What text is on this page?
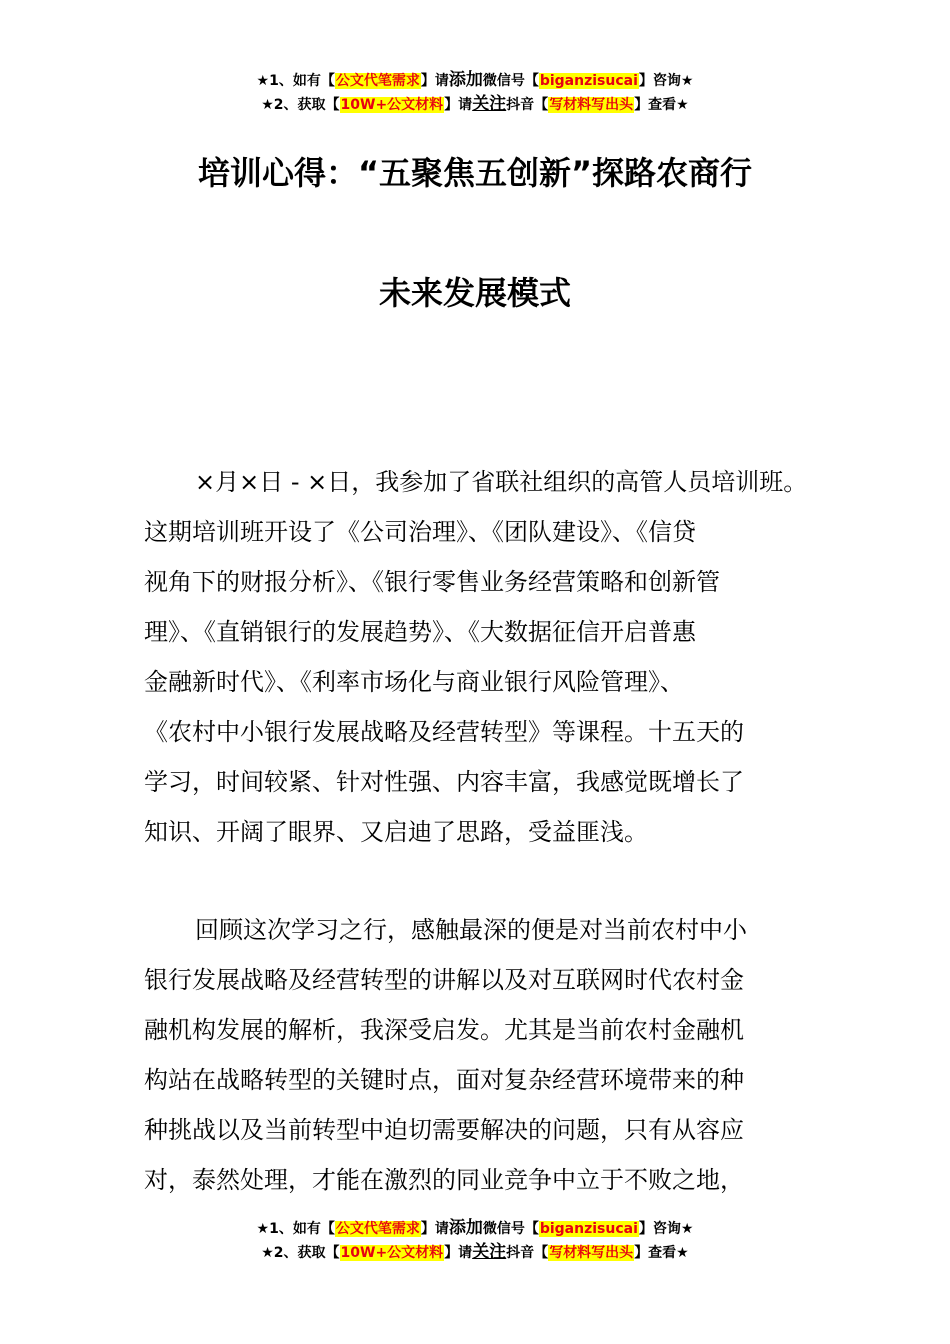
★1、如有【公文代笔需求】请添加微信号【biganzisucai】咨询★
★2、获取【10W+公文材料】请关注抖音【写材料写出头】查看★
培训心得：“五聚焦五创新”探路农商行
未来发展模式
×月×日 - ×日，我参加了省联社组织的高管人员培训班。
这期培训班开设了《公司治理》、《团队建设》、《信贷
视角下的财报分析》、《银行零售业务经营策略和创新管
理》、《直销银行的发展趋势》、《大数据征信开启普惠
金融新时代》、《利率市场化与商业银行风险管理》、
《农村中小银行发展战略及经营转型》等课程。十五天的
学习，时间较紧、针对性强、内容丰富，我感觉既增长了
知识、开阔了眼界、又启迪了思路，受益匪浅。
回顾这次学习之行，感触最深的便是对当前农村中小
银行发展战略及经营转型的讲解以及对互联网时代农村金
融机构发展的解析，我深受启发。尤其是当前农村金融机
构站在战略转型的关键时点，面对复杂经营环境带来的种
种挑战以及当前转型中迫切需要解决的问题，只有从容应
对，泰然处理，才能在激烈的同业竞争中立于不败之地，
★1、如有【公文代笔需求】请添加微信号【biganzisucai】咨询★
★2、获取【10W+公文材料】请关注抖音【写材料写出头】查看★
